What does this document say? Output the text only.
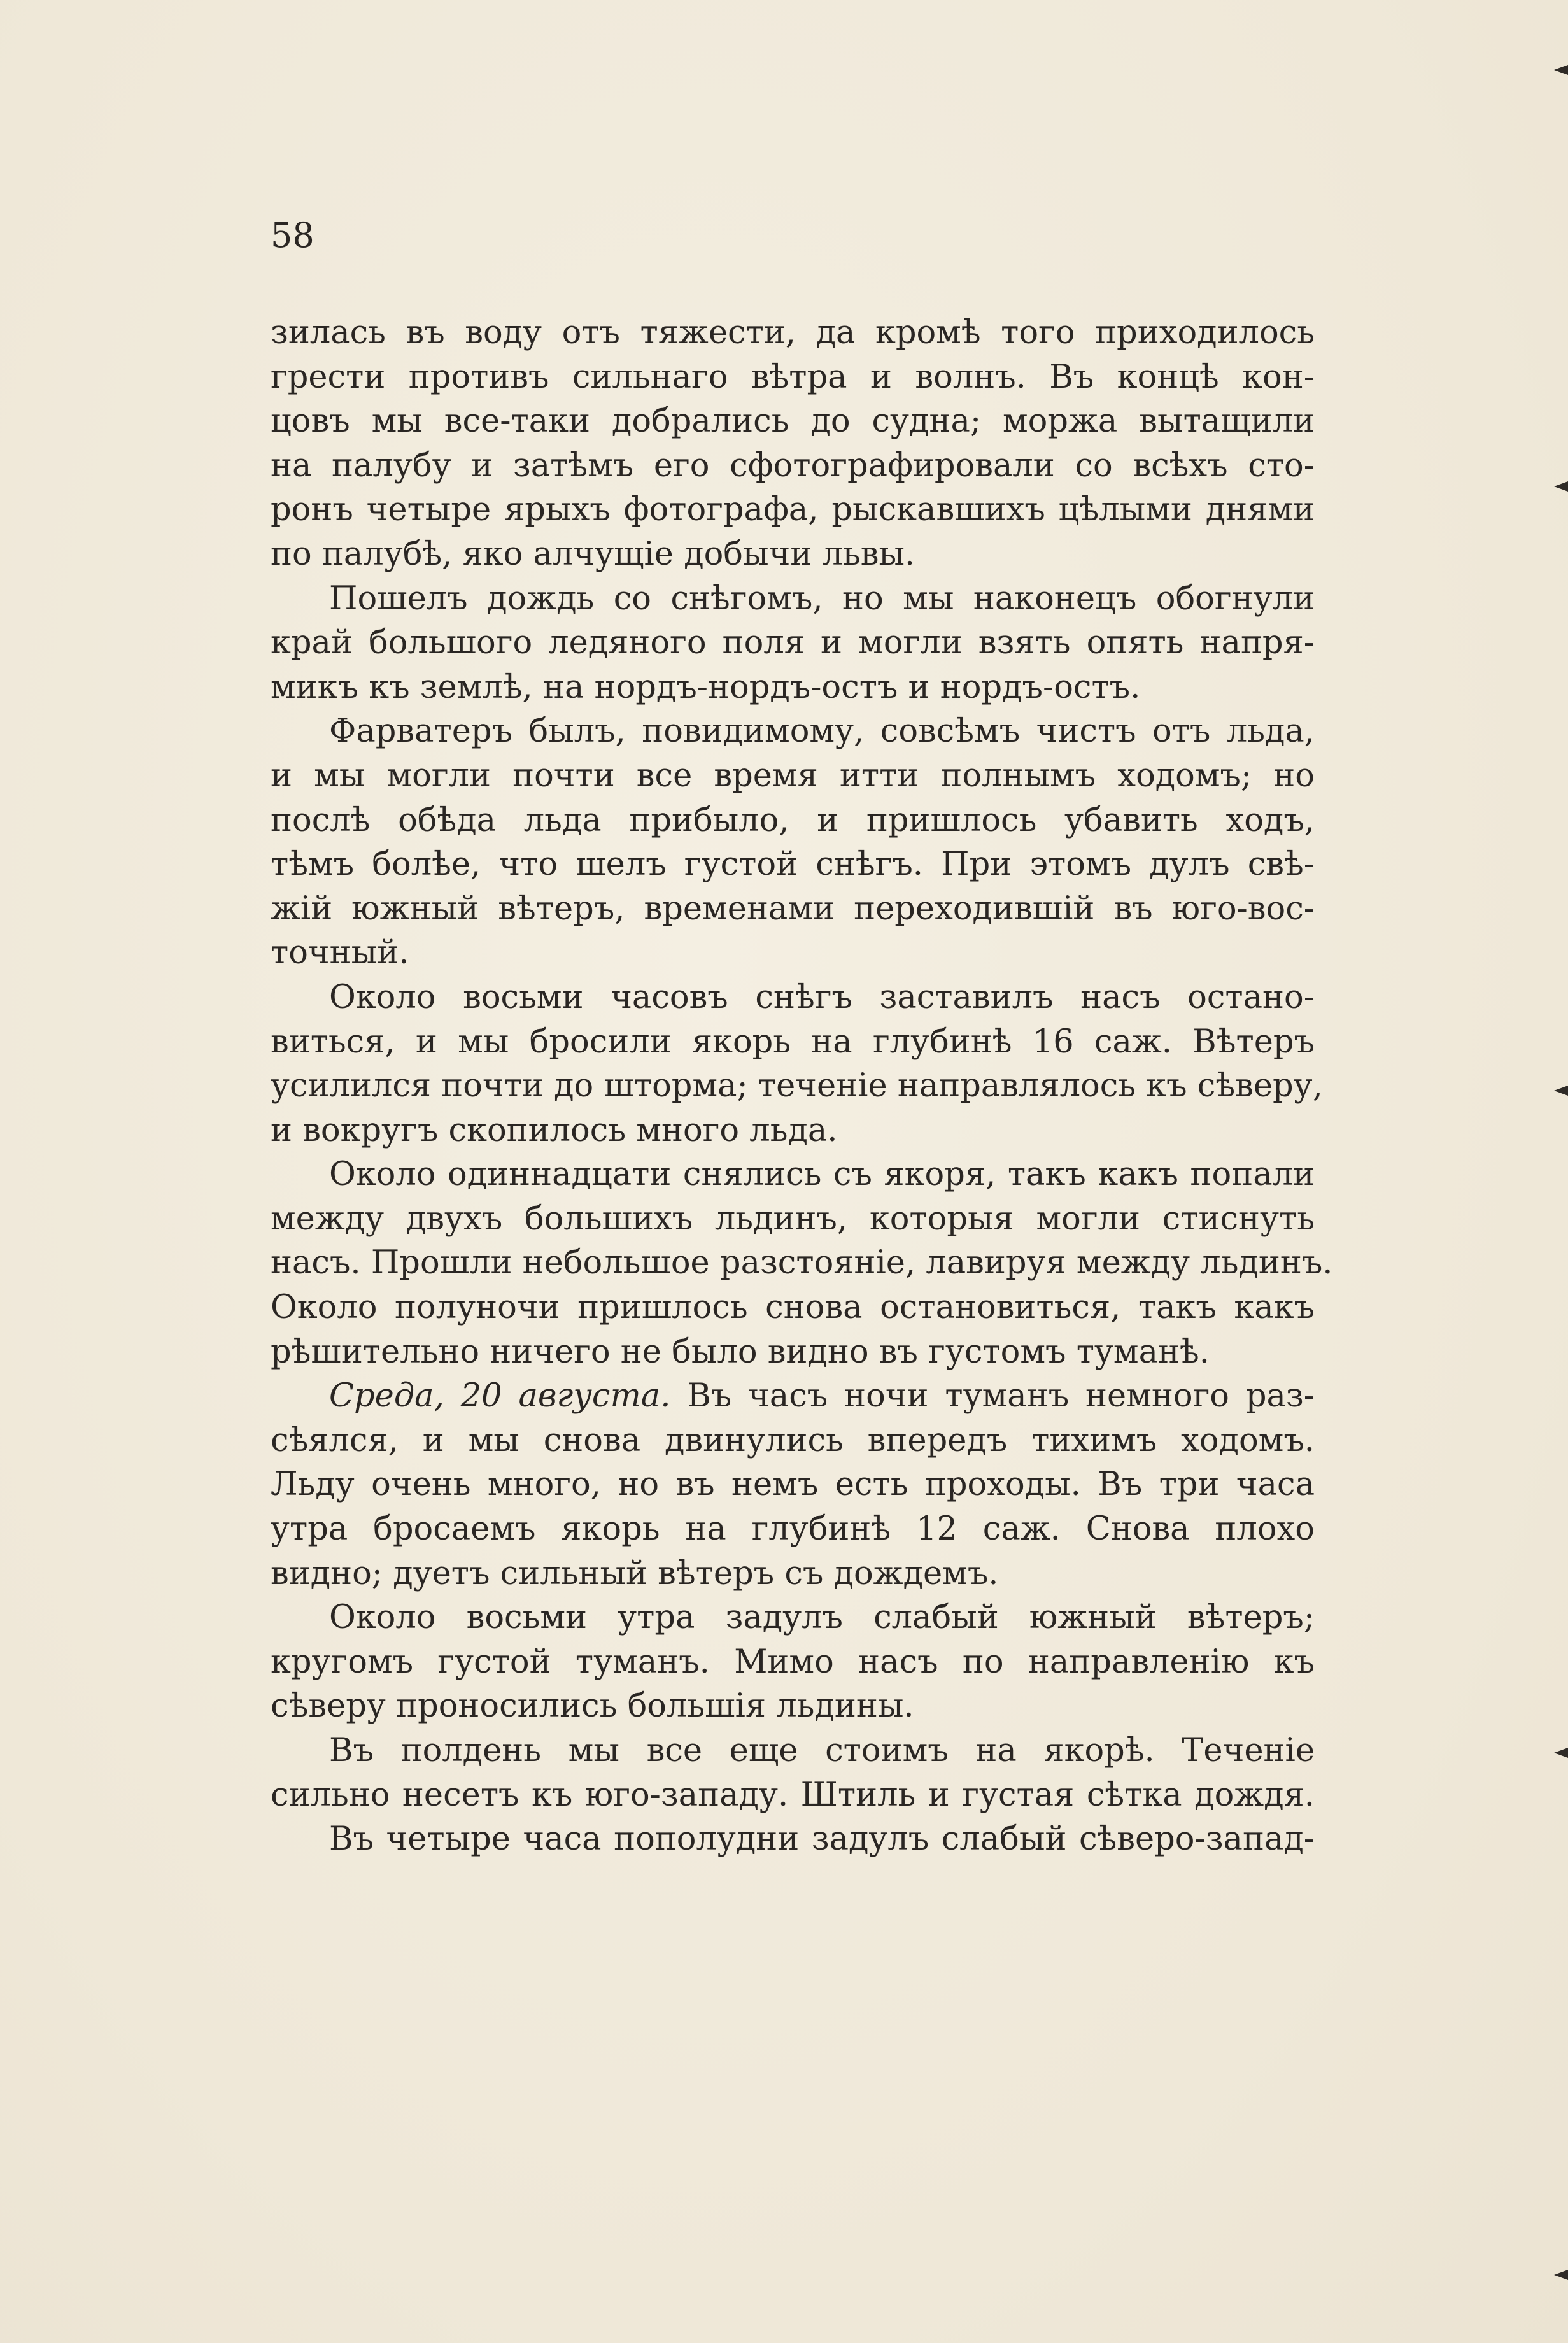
58
зилась въ воду отъ тяжести, да кромѣ того приходилось
грести противъ сильнаго вѣтра и волнъ. Въ концѣ кон-
цовъ мы все-таки добрались до судна; моржа вытащили
на палубу и затѣмъ его сфотографировали со всѣхъ сто-
ронъ четыре ярыхъ фотографа, рыскавшихъ цѣлыми днями
по палубѣ, яко алчущіе добычи львы.
Пошелъ дождь со снѣгомъ, но мы наконецъ обогнули
край большого ледяного поля и могли взять опять напря-
микъ къ землѣ, на нордъ-нордъ-остъ и нордъ-остъ.
Фарватеръ былъ, повидимому, совсѣмъ чистъ отъ льда,
и мы могли почти все время итти полнымъ ходомъ; но
послѣ обѣда льда прибыло, и пришлось убавить ходъ,
тѣмъ болѣе, что шелъ густой снѣгъ. При этомъ дулъ свѣ-
жій южный вѣтеръ, временами переходившій въ юго-вос-
точный.
Около восьми часовъ снѣгъ заставилъ насъ остано-
виться, и мы бросили якорь на глубинѣ 16 саж. Вѣтеръ
усилился почти до шторма; теченіе направлялось къ сѣверу,
и вокругъ скопилось много льда.
Около одиннадцати снялись съ якоря, такъ какъ попали
между двухъ большихъ льдинъ, которыя могли стиснуть
насъ. Прошли небольшое разстояніе, лавируя между льдинъ.
Около полуночи пришлось снова остановиться, такъ какъ
рѣшительно ничего не было видно въ густомъ туманѣ.
Среда, 20 августа. Въ часъ ночи туманъ немного раз-
сѣялся, и мы снова двинулись впередъ тихимъ ходомъ.
Льду очень много, но въ немъ есть проходы. Въ три часа
утра бросаемъ якорь на глубинѣ 12 саж. Снова плохо
видно; дуетъ сильный вѣтеръ съ дождемъ.
Около восьми утра задулъ слабый южный вѣтеръ;
кругомъ густой туманъ. Мимо насъ по направленію къ
сѣверу проносились большія льдины.
Въ полдень мы все еще стоимъ на якорѣ. Теченіе
сильно несетъ къ юго-западу. Штиль и густая сѣтка дождя.
Въ четыре часа пополудни задулъ слабый сѣверо-запад-
